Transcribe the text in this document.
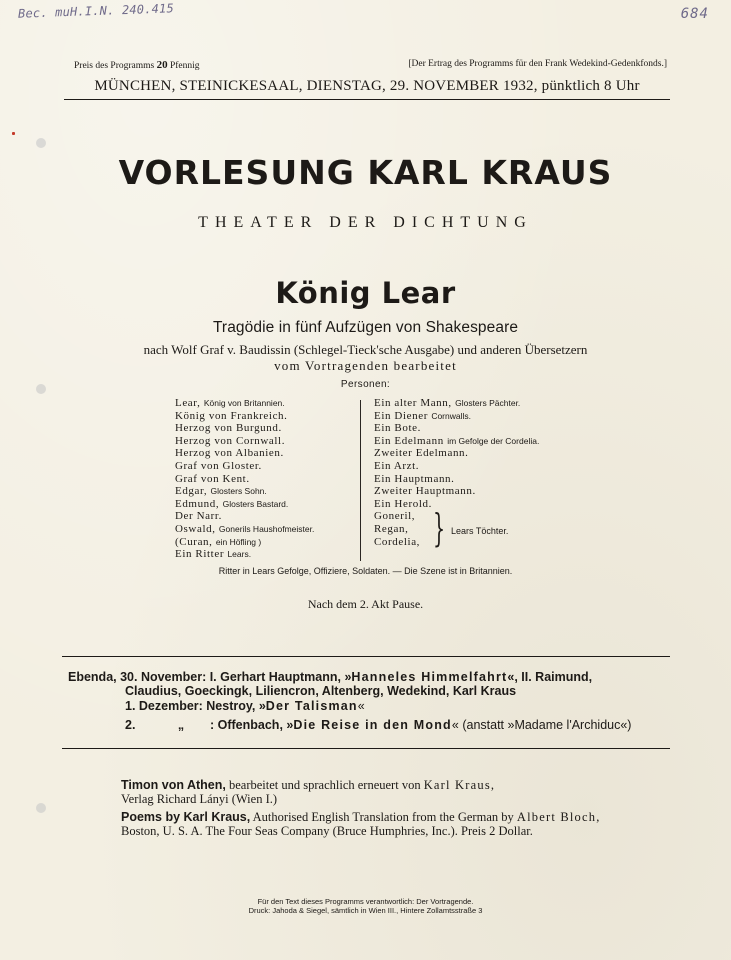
Bec. muH.I.N. 240.415	684
Preis des Programms 20 Pfennig	[Der Ertrag des Programms für den Frank Wedekind-Gedenkfonds.]
MÜNCHEN, STEINICKESAAL, DIENSTAG, 29. NOVEMBER 1932, pünktlich 8 Uhr
VORLESUNG KARL KRAUS
THEATER DER DICHTUNG
König Lear
Tragödie in fünf Aufzügen von Shakespeare
nach Wolf Graf v. Baudissin (Schlegel-Tieck'sche Ausgabe) und anderen Übersetzern
vom Vortragenden bearbeitet
Personen:
Lear, König von Britannien.
König von Frankreich.
Herzog von Burgund.
Herzog von Cornwall.
Herzog von Albanien.
Graf von Gloster.
Graf von Kent.
Edgar, Glosters Sohn.
Edmund, Glosters Bastard.
Der Narr.
Oswald, Gonerils Haushofmeister.
(Curan, ein Höfling )
Ein Ritter Lears.
Ein alter Mann, Glosters Pächter.
Ein Diener Cornwalls.
Ein Bote.
Ein Edelmann im Gefolge der Cordelia.
Zweiter Edelmann.
Ein Arzt.
Ein Hauptmann.
Zweiter Hauptmann.
Ein Herold.
Goneril,
Regan,
Cordelia, } Lears Töchter.
Ritter in Lears Gefolge, Offiziere, Soldaten. — Die Szene ist in Britannien.
Nach dem 2. Akt Pause.
Ebenda, 30. November: I. Gerhart Hauptmann, »Hanneles Himmelfahrt«, II. Raimund,
Claudius, Goeckingk, Liliencron, Altenberg, Wedekind, Karl Kraus
1. Dezember: Nestroy, »Der Talisman«
2.	„ : Offenbach, »Die Reise in den Mond« (anstatt »Madame l'Archiduc«)
Timon von Athen, bearbeitet und sprachlich erneuert von Karl Kraus,
Verlag Richard Lányi (Wien I.)
Poems by Karl Kraus, Authorised English Translation from the German by Albert Bloch,
Boston, U. S. A. The Four Seas Company (Bruce Humphries, Inc.). Preis 2 Dollar.
Für den Text dieses Programms verantwortlich: Der Vortragende.
Druck: Jahoda & Siegel, sämtlich in Wien III., Hintere Zollamtsstraße 3
